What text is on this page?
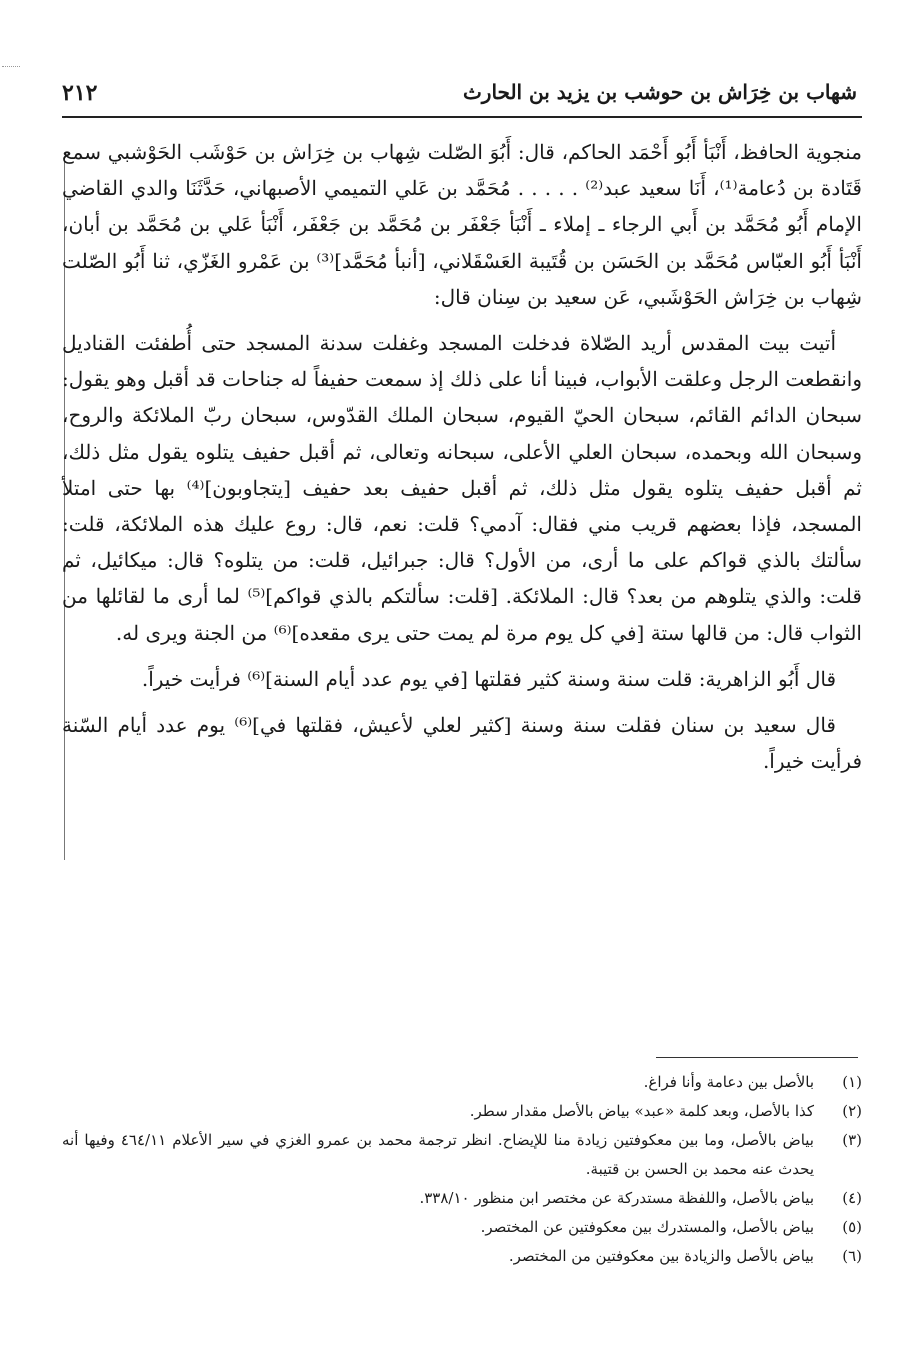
شهاب بن خِرَاش بن حوشب بن يزيد بن الحارث
٢١٢

منجوية الحافظ، أَنْبَأ أَبُو أَحْمَد الحاكم، قال: أَبُوَ الصّلت شِهاب بن خِرَاش بن حَوْشَب الحَوْشبي سمع قَتَادة بن دُعامة⁽¹⁾، أَنَا سعيد عبد⁽²⁾ . . . . . مُحَمَّد بن عَلي التميمي الأصبهاني، حَدَّثَنَا والدي القاضي الإمام أَبُو مُحَمَّد بن أَبي الرجاء ـ إملاء ـ أَنْبَأ جَعْفَر بن مُحَمَّد بن جَعْفَر، أَنْبَأ عَلي بن مُحَمَّد بن أبان، أَنْبَأ أَبُو العبّاس مُحَمَّد بن الحَسَن بن قُتَيبة العَسْقَلاني، [أنبأ مُحَمَّد]⁽³⁾ بن عَمْرو الغَزّي، ثنا أَبُو الصّلت شِهاب بن خِرَاش الحَوْشَبي، عَن سعيد بن سِنان قال:

أتيت بيت المقدس أريد الصّلاة فدخلت المسجد وغفلت سدنة المسجد حتى أُطفئت القناديل وانقطعت الرجل وعلقت الأبواب، فبينا أنا على ذلك إذ سمعت حفيفاً له جناحات قد أقبل وهو يقول: سبحان الدائم القائم، سبحان الحيّ القيوم، سبحان الملك القدّوس، سبحان ربّ الملائكة والروح، وسبحان الله وبحمده، سبحان العلي الأعلى، سبحانه وتعالى، ثم أقبل حفيف يتلوه يقول مثل ذلك، ثم أقبل حفيف يتلوه يقول مثل ذلك، ثم أقبل حفيف بعد حفيف [يتجاوبون]⁽⁴⁾ بها حتى امتلأ المسجد، فإذا بعضهم قريب مني فقال: آدمي؟ قلت: نعم، قال: روع عليك هذه الملائكة، قلت: سألتك بالذي قواكم على ما أرى، من الأول؟ قال: جبرائيل، قلت: من يتلوه؟ قال: ميكائيل، ثم قلت: والذي يتلوهم من بعد؟ قال: الملائكة. [قلت: سألتكم بالذي قواكم]⁽⁵⁾ لما أرى ما لقائلها من الثواب قال: من قالها ستة [في كل يوم مرة لم يمت حتى يرى مقعده]⁽⁶⁾ من الجنة ويرى له.

قال أَبُو الزاهرية: قلت سنة وسنة كثير فقلتها [في يوم عدد أيام السنة]⁽⁶⁾ فرأيت خيراً.

قال سعيد بن سنان فقلت سنة وسنة [كثير لعلي لأعيش، فقلتها في]⁽⁶⁾ يوم عدد أيام السّنة فرأيت خيراً.

(١)
بالأصل بين دعامة وأنا فراغ.
(٢)
كذا بالأصل، وبعد كلمة «عبد» بياض بالأصل مقدار سطر.
(٣)
بياض بالأصل، وما بين معكوفتين زيادة منا للإيضاح. انظر ترجمة محمد بن عمرو الغزي في سير الأعلام ٤٦٤/١١ وفيها أنه يحدث عنه محمد بن الحسن بن قتيبة.
(٤)
بياض بالأصل، واللفظة مستدركة عن مختصر ابن منظور ٣٣٨/١٠.
(٥)
بياض بالأصل، والمستدرك بين معكوفتين عن المختصر.
(٦)
بياض بالأصل والزيادة بين معكوفتين من المختصر.
